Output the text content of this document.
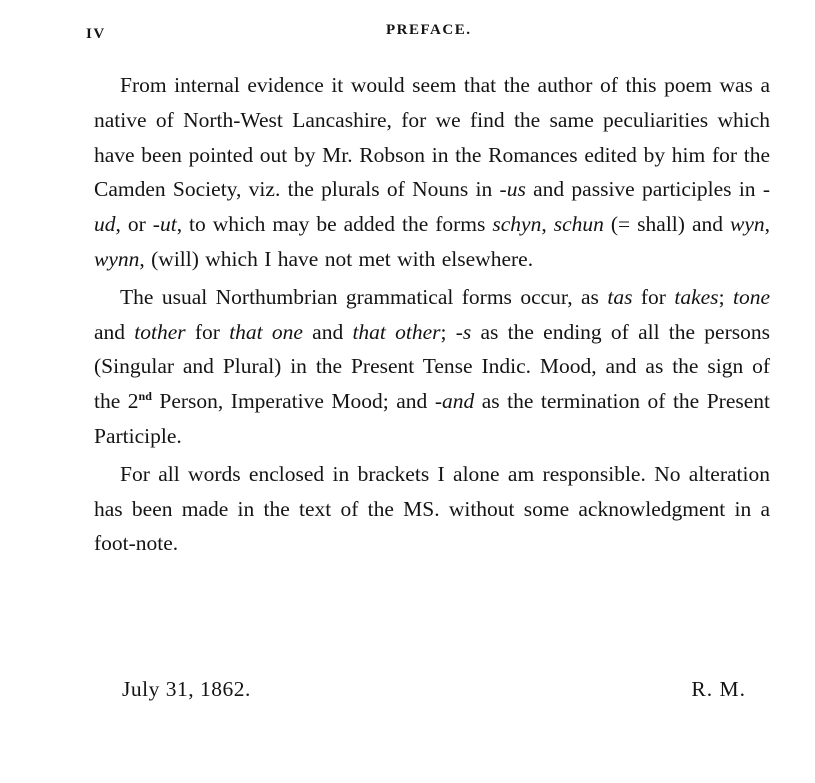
IV	PREFACE.

From internal evidence it would seem that the author of this poem was a native of North-West Lancashire, for we find the same peculiarities which have been pointed out by Mr. Robson in the Romances edited by him for the Camden Society, viz. the plurals of Nouns in -us and passive participles in -ud, or -ut, to which may be added the forms schyn, schun (= shall) and wyn, wynn, (will) which I have not met with elsewhere.

The usual Northumbrian grammatical forms occur, as tas for takes; tone and tother for that one and that other; -s as the ending of all the persons (Singular and Plural) in the Present Tense Indic. Mood, and as the sign of the 2nd Person, Imperative Mood; and -and as the termination of the Present Participle.

For all words enclosed in brackets I alone am responsible. No alteration has been made in the text of the MS. without some acknowledgment in a foot-note.

July 31, 1862.	R. M.
